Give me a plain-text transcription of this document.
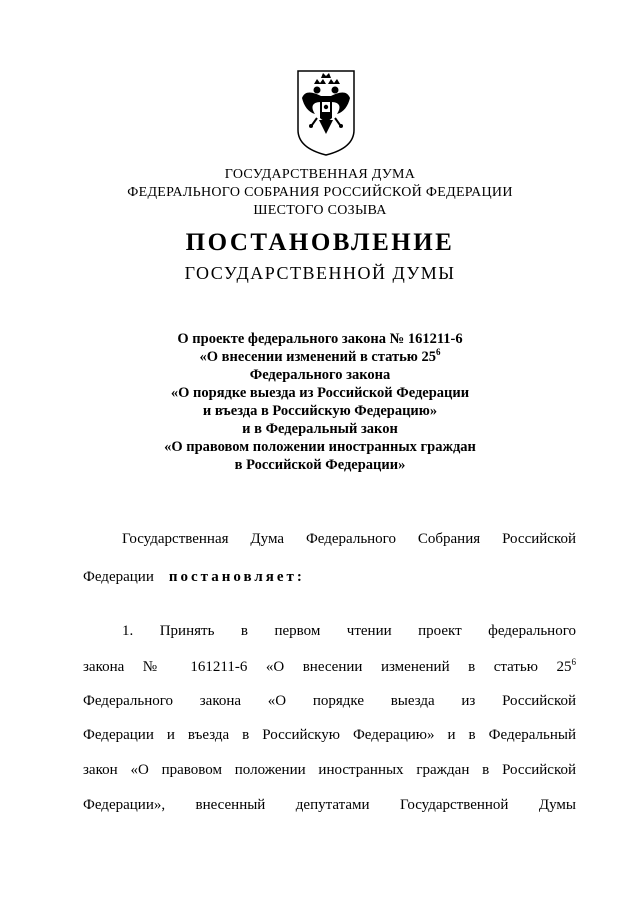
ГОСУДАРСТВЕННАЯ ДУМА
ФЕДЕРАЛЬНОГО СОБРАНИЯ РОССИЙСКОЙ ФЕДЕРАЦИИ
ШЕСТОГО СОЗЫВА
ПОСТАНОВЛЕНИЕ
ГОСУДАРСТВЕННОЙ ДУМЫ
О проекте федерального закона № 161211-6
«О внесении изменений в статью $25^6$
Федерального закона
«О порядке выезда из Российской Федерации
и въезда в Российскую Федерацию»
и в Федеральный закон
«О правовом положении иностранных граждан
в Российской Федерации»
Государственная Дума Федерального Собрания Российской
Федерации постановляет:
1. Принять в первом чтении проект федерального
закона № 161211-6 «О внесении изменений в статью $25^6$
Федерального закона «О порядке выезда из Российской
Федерации и въезда в Российскую Федерацию» и в Федеральный
закон «О правовом положении иностранных граждан в Российской
Федерации», внесенный депутатами Государственной Думы
